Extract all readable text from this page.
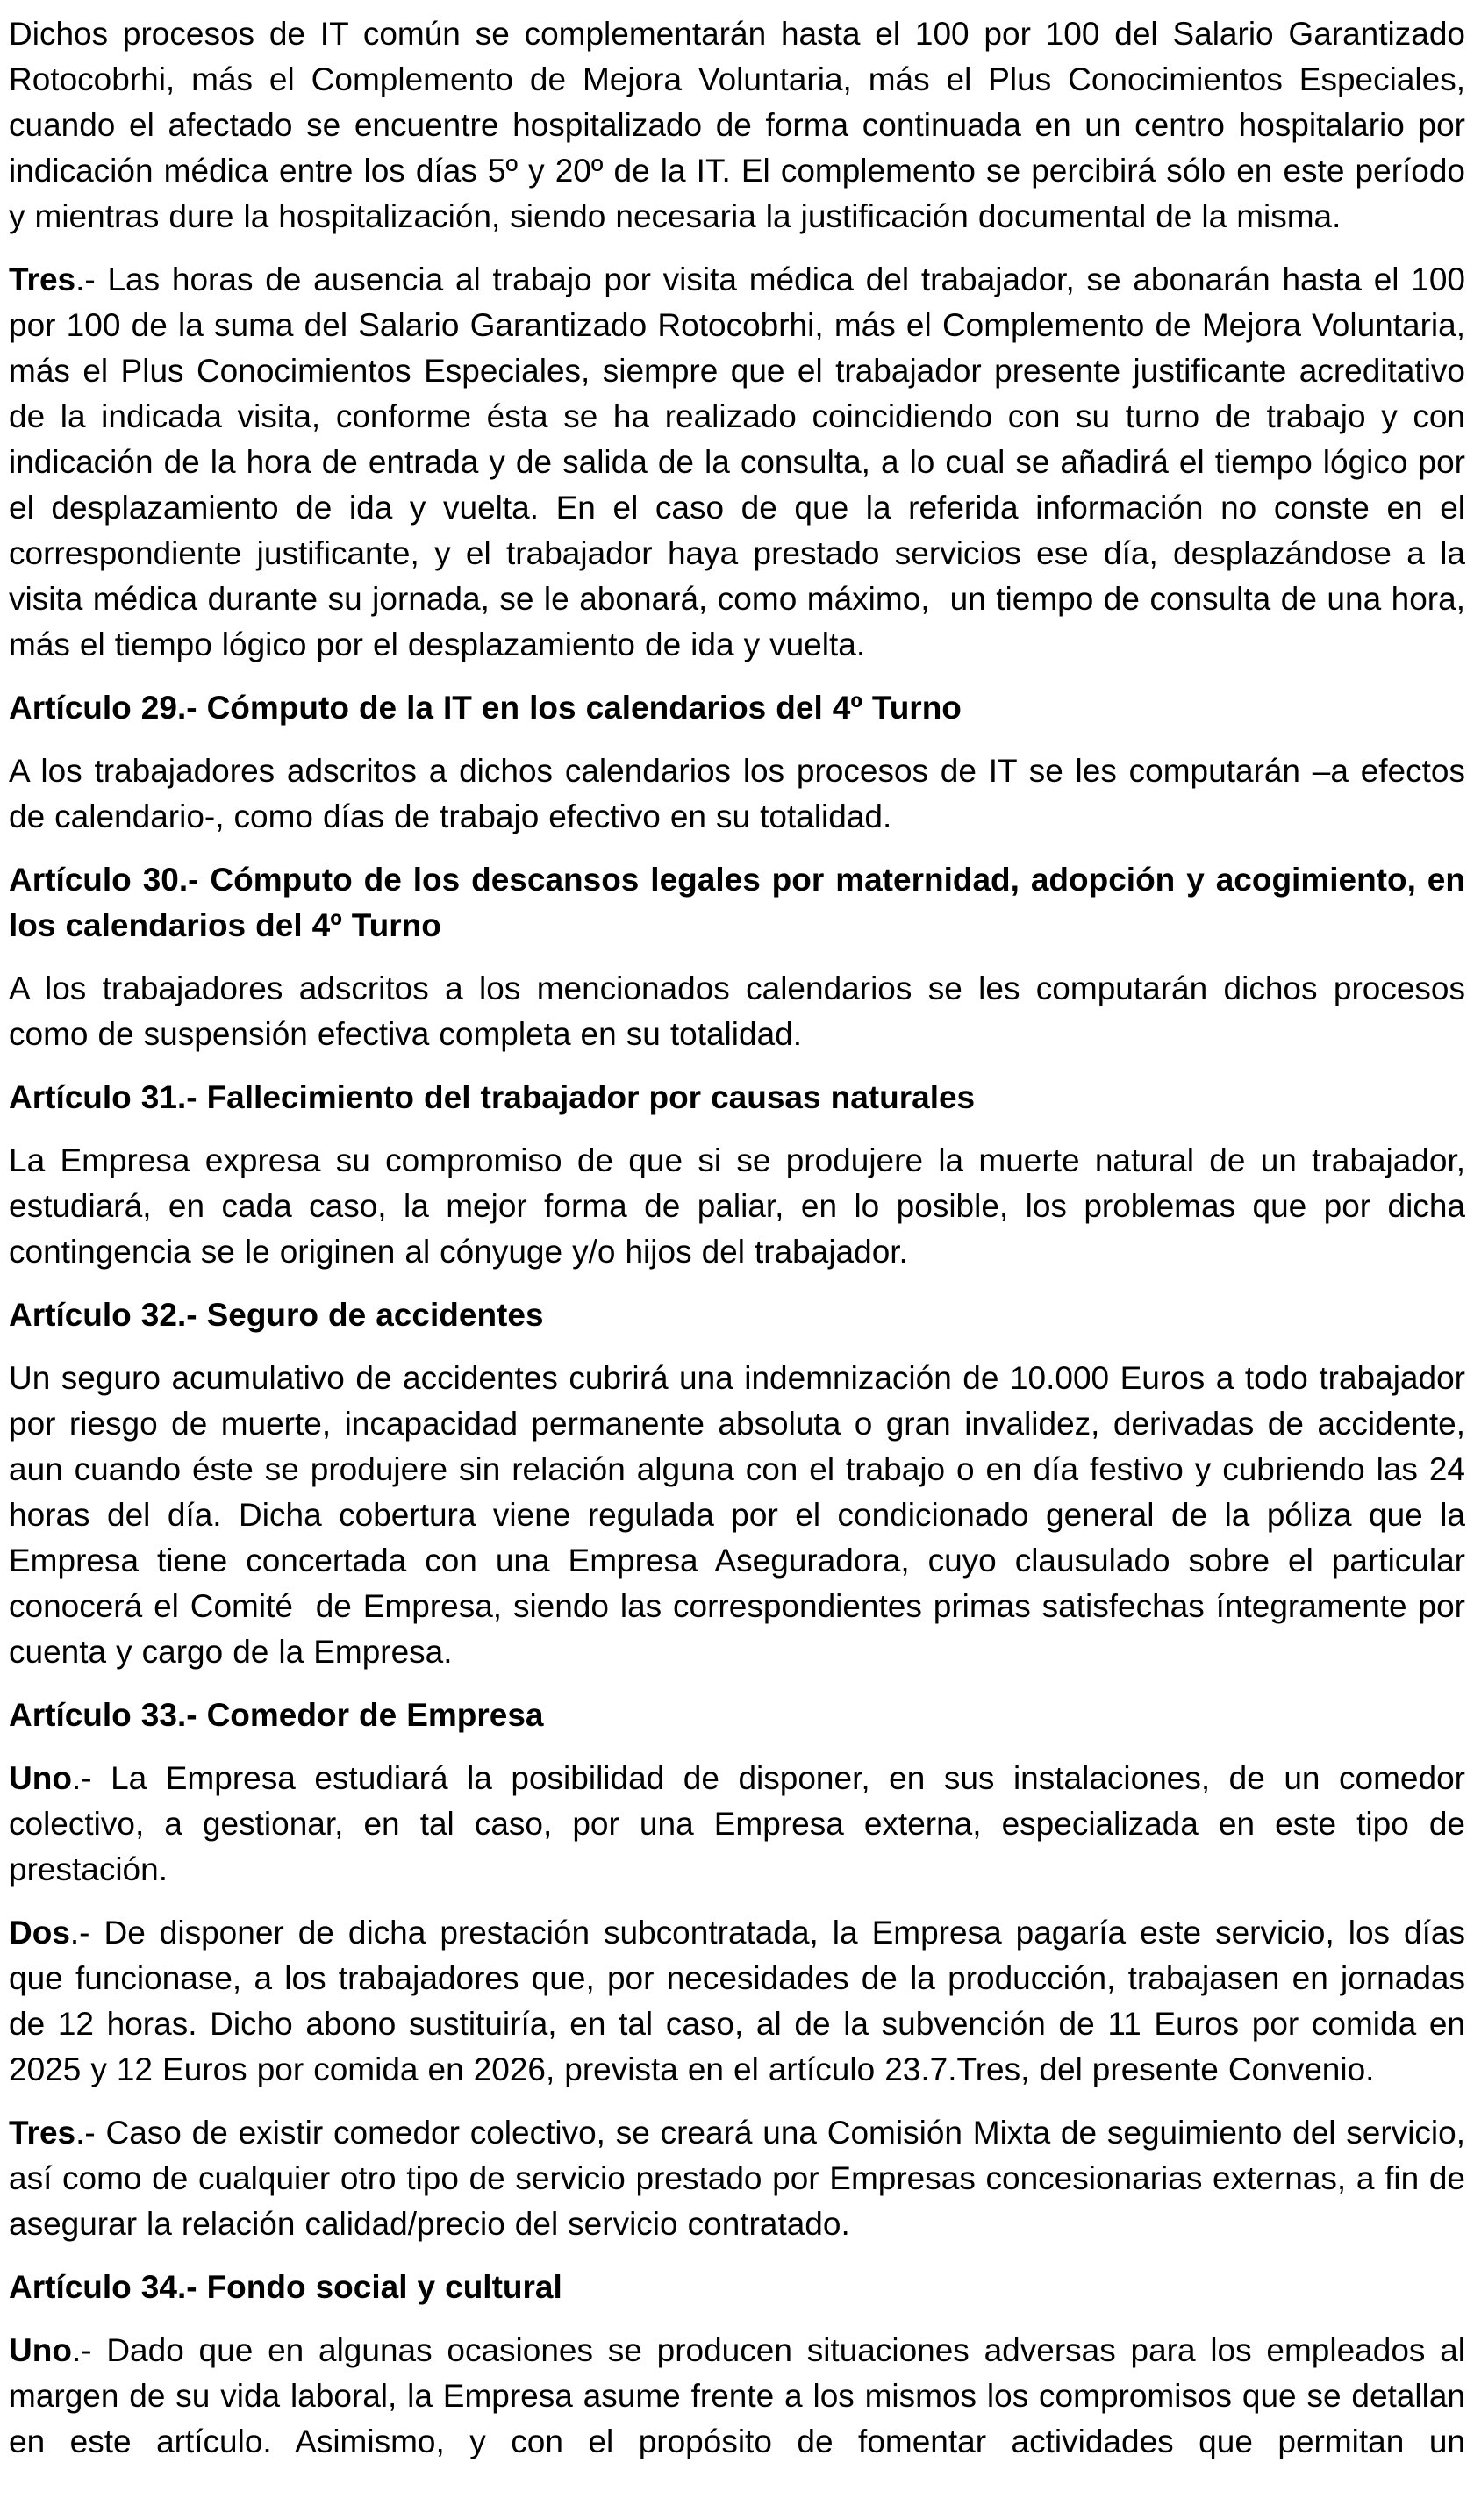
Dichos procesos de IT común se complementarán hasta el 100 por 100 del Salario Garantizado Rotocobrhi, más el Complemento de Mejora Voluntaria, más el Plus Conocimientos Especiales, cuando el afectado se encuentre hospitalizado de forma continuada en un centro hospitalario por indicación médica entre los días 5º y 20º de la IT. El complemento se percibirá sólo en este período y mientras dure la hospitalización, siendo necesaria la justificación documental de la misma.

Tres.- Las horas de ausencia al trabajo por visita médica del trabajador, se abonarán hasta el 100 por 100 de la suma del Salario Garantizado Rotocobrhi, más el Complemento de Mejora Voluntaria, más el Plus Conocimientos Especiales, siempre que el trabajador presente justificante acreditativo de la indicada visita, conforme ésta se ha realizado coincidiendo con su turno de trabajo y con indicación de la hora de entrada y de salida de la consulta, a lo cual se añadirá el tiempo lógico por el desplazamiento de ida y vuelta. En el caso de que la referida información no conste en el correspondiente justificante, y el trabajador haya prestado servicios ese día, desplazándose a la visita médica durante su jornada, se le abonará, como máximo,  un tiempo de consulta de una hora, más el tiempo lógico por el desplazamiento de ida y vuelta.

Artículo 29.- Cómputo de la IT en los calendarios del 4º Turno

A los trabajadores adscritos a dichos calendarios los procesos de IT se les computarán –a efectos de calendario-, como días de trabajo efectivo en su totalidad.

Artículo 30.- Cómputo de los descansos legales por maternidad, adopción y acogimiento, en los calendarios del 4º Turno

A los trabajadores adscritos a los mencionados calendarios se les computarán dichos procesos como de suspensión efectiva completa en su totalidad.

Artículo 31.- Fallecimiento del trabajador por causas naturales

La Empresa expresa su compromiso de que si se produjere la muerte natural de un trabajador, estudiará, en cada caso, la mejor forma de paliar, en lo posible, los problemas que por dicha contingencia se le originen al cónyuge y/o hijos del trabajador.

Artículo 32.- Seguro de accidentes

Un seguro acumulativo de accidentes cubrirá una indemnización de 10.000 Euros a todo trabajador por riesgo de muerte, incapacidad permanente absoluta o gran invalidez, derivadas de accidente, aun cuando éste se produjere sin relación alguna con el trabajo o en día festivo y cubriendo las 24 horas del día. Dicha cobertura viene regulada por el condicionado general de la póliza que la Empresa tiene concertada con una Empresa Aseguradora, cuyo clausulado sobre el particular conocerá el Comité  de Empresa, siendo las correspondientes primas satisfechas íntegramente por cuenta y cargo de la Empresa.

Artículo 33.- Comedor de Empresa

Uno.- La Empresa estudiará la posibilidad de disponer, en sus instalaciones, de un comedor colectivo, a gestionar, en tal caso, por una Empresa externa, especializada en este tipo de prestación.

Dos.- De disponer de dicha prestación subcontratada, la Empresa pagaría este servicio, los días que funcionase, a los trabajadores que, por necesidades de la producción, trabajasen en jornadas de 12 horas. Dicho abono sustituiría, en tal caso, al de la subvención de 11 Euros por comida en 2025 y 12 Euros por comida en 2026, prevista en el artículo 23.7.Tres, del presente Convenio.

Tres.- Caso de existir comedor colectivo, se creará una Comisión Mixta de seguimiento del servicio, así como de cualquier otro tipo de servicio prestado por Empresas concesionarias externas, a fin de asegurar la relación calidad/precio del servicio contratado.

Artículo 34.- Fondo social y cultural

Uno.- Dado que en algunas ocasiones se producen situaciones adversas para los empleados al margen de su vida laboral, la Empresa asume frente a los mismos los compromisos que se detallan en este artículo. Asimismo, y con el propósito de fomentar actividades que permitan un
